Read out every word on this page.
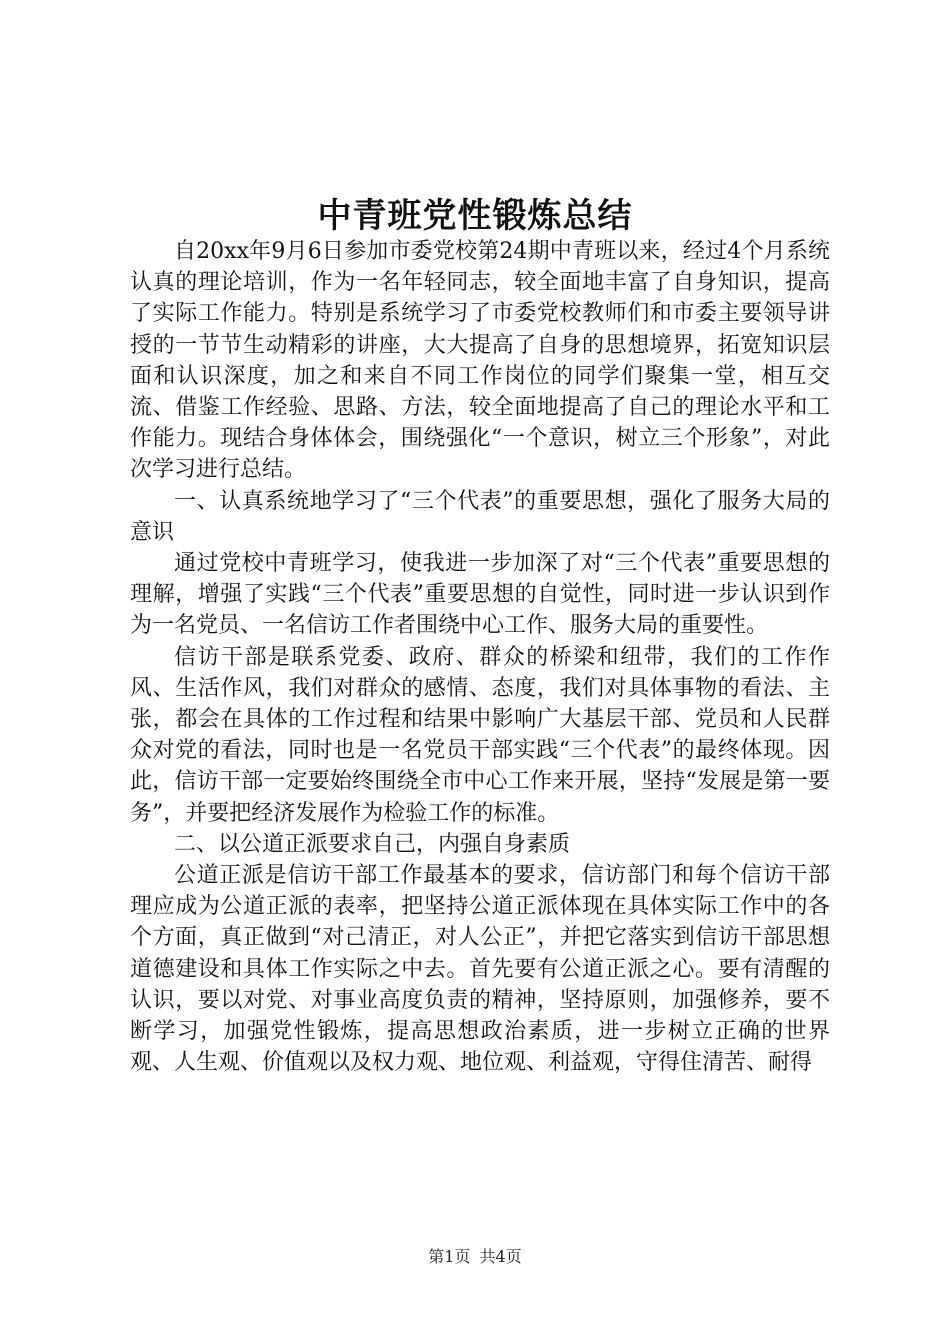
中青班党性锻炼总结

自20xx年9月6日参加市委党校第24期中青班以来，经过4个月系统认真的理论培训，作为一名年轻同志，较全面地丰富了自身知识，提高了实际工作能力。特别是系统学习了市委党校教师们和市委主要领导讲授的一节节生动精彩的讲座，大大提高了自身的思想境界，拓宽知识层面和认识深度，加之和来自不同工作岗位的同学们聚集一堂，相互交流、借鉴工作经验、思路、方法，较全面地提高了自己的理论水平和工作能力。现结合身体体会，围绕强化“一个意识，树立三个形象”，对此次学习进行总结。

一、认真系统地学习了“三个代表”的重要思想，强化了服务大局的意识

通过党校中青班学习，使我进一步加深了对“三个代表”重要思想的理解，增强了实践“三个代表”重要思想的自觉性，同时进一步认识到作为一名党员、一名信访工作者围绕中心工作、服务大局的重要性。

信访干部是联系党委、政府、群众的桥梁和纽带，我们的工作作风、生活作风，我们对群众的感情、态度，我们对具体事物的看法、主张，都会在具体的工作过程和结果中影响广大基层干部、党员和人民群众对党的看法，同时也是一名党员干部实践“三个代表”的最终体现。因此，信访干部一定要始终围绕全市中心工作来开展，坚持“发展是第一要务”，并要把经济发展作为检验工作的标准。

二、以公道正派要求自己，内强自身素质

公道正派是信访干部工作最基本的要求，信访部门和每个信访干部理应成为公道正派的表率，把坚持公道正派体现在具体实际工作中的各个方面，真正做到“对己清正，对人公正”，并把它落实到信访干部思想道德建设和具体工作实际之中去。首先要有公道正派之心。要有清醒的认识，要以对党、对事业高度负责的精神，坚持原则，加强修养，要不断学习，加强党性锻炼，提高思想政治素质，进一步树立正确的世界观、人生观、价值观以及权力观、地位观、利益观，守得住清苦、耐得

第1页 共4页
